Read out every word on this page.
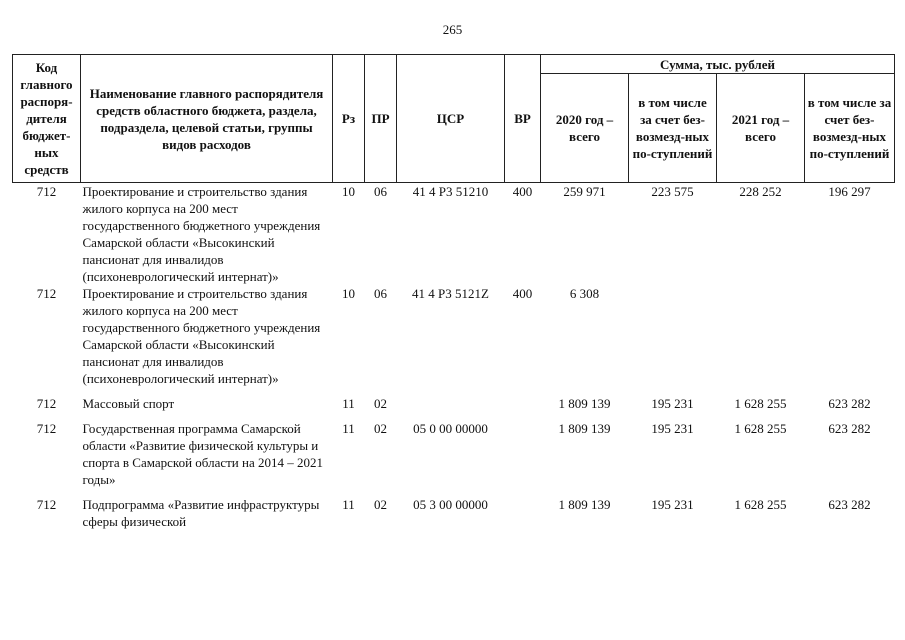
265
Код главного распоря-дителя бюджет-ных средств	Наименование главного распорядителя средств областного бюджета, раздела, подраздела, целевой статьи, группы видов расходов	Рз	ПР	ЦСР	ВР	Сумма, тыс. рублей			
						2020 год – всего	в том числе за счет без-возмезд-ных по-ступлений	2021 год – всего	в том числе за счет без-возмезд-ных по-ступлений
712	Проектирование и строительство здания жилого корпуса на 200 мест государственного бюджетного учреждения Самарской области «Высокинский пансионат для инвалидов (психоневрологический интернат)»	10	06	41 4 P3 51210	400	259 971	223 575	228 252	196 297
712	Проектирование и строительство здания жилого корпуса на 200 мест государственного бюджетного учреждения Самарской области «Высокинский пансионат для инвалидов (психоневрологический интернат)»	10	06	41 4 P3 5121Z	400	6 308			
712	Массовый спорт	11	02			1 809 139	195 231	1 628 255	623 282
712	Государственная программа Самарской области «Развитие физической культуры и спорта в Самарской области на 2014 – 2021 годы»	11	02	05 0 00 00000		1 809 139	195 231	1 628 255	623 282
712	Подпрограмма «Развитие инфраструктуры сферы физической	11	02	05 3 00 00000		1 809 139	195 231	1 628 255	623 282
